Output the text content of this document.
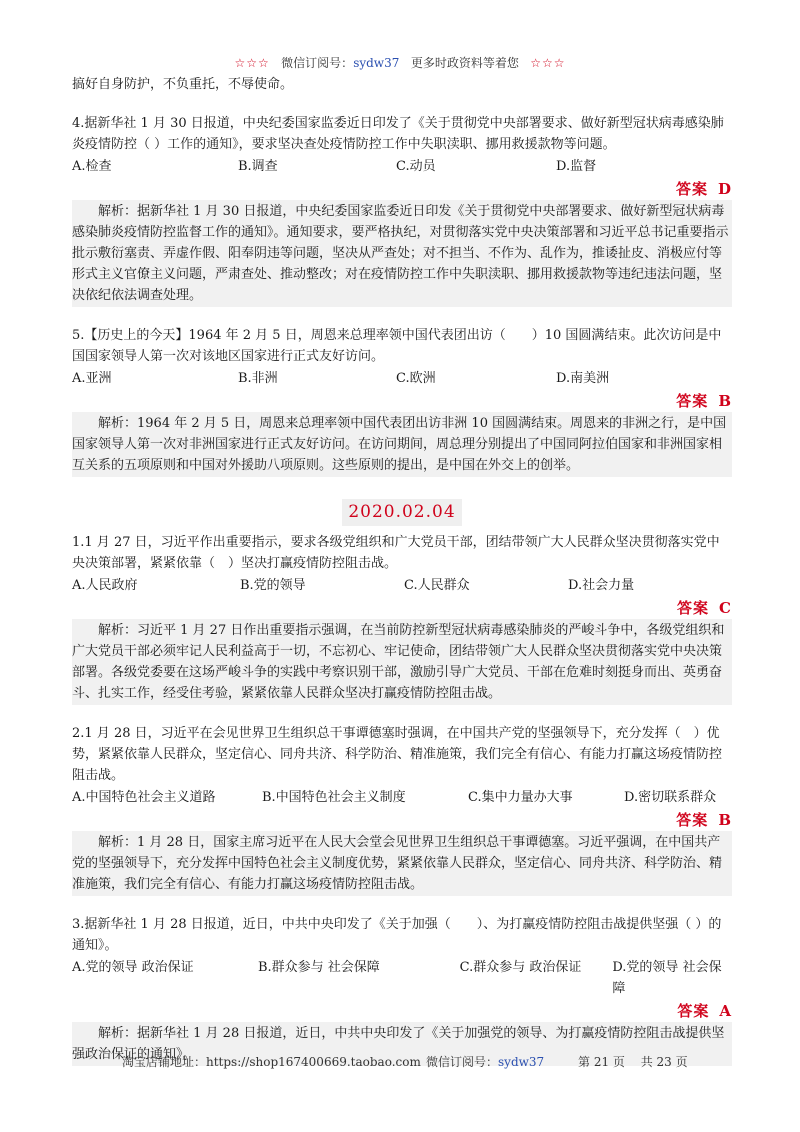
☆☆☆ 微信订阅号：sydw37 更多时政资料等着您 ☆☆☆

搞好自身防护，不负重托，不辱使命。

4.据新华社 1 月 30 日报道，中央纪委国家监委近日印发了《关于贯彻党中央部署要求、做好新型冠状病毒感染肺炎疫情防控（ ）工作的通知》，要求坚决查处疫情防控工作中失职渎职、挪用救援款物等问题。

A.检查	B.调查	C.动员	D.监督
答案 D

解析：据新华社 1 月 30 日报道，中央纪委国家监委近日印发《关于贯彻党中央部署要求、做好新型冠状病毒感染肺炎疫情防控监督工作的通知》。通知要求，要严格执纪，对贯彻落实党中央决策部署和习近平总书记重要指示批示敷衍塞责、弄虚作假、阳奉阴违等问题，坚决从严查处；对不担当、不作为、乱作为，推诿扯皮、消极应付等形式主义官僚主义问题，严肃查处、推动整改；对在疫情防控工作中失职渎职、挪用救援款物等违纪违法问题，坚决依纪依法调查处理。

5.【历史上的今天】1964 年 2 月 5 日，周恩来总理率领中国代表团出访（　　）10 国圆满结束。此次访问是中国国家领导人第一次对该地区国家进行正式友好访问。

A.亚洲	B.非洲	C.欧洲	D.南美洲
答案 B

解析：1964 年 2 月 5 日，周恩来总理率领中国代表团出访非洲 10 国圆满结束。周恩来的非洲之行，是中国国家领导人第一次对非洲国家进行正式友好访问。在访问期间，周总理分别提出了中国同阿拉伯国家和非洲国家相互关系的五项原则和中国对外援助八项原则。这些原则的提出，是中国在外交上的创举。

2020.02.04

1.1 月 27 日，习近平作出重要指示，要求各级党组织和广大党员干部，团结带领广大人民群众坚决贯彻落实党中央决策部署，紧紧依靠（　）坚决打赢疫情防控阻击战。

A.人民政府	B.党的领导	C.人民群众	D.社会力量
答案 C

解析：习近平 1 月 27 日作出重要指示强调，在当前防控新型冠状病毒感染肺炎的严峻斗争中，各级党组织和广大党员干部必须牢记人民利益高于一切，不忘初心、牢记使命，团结带领广大人民群众坚决贯彻落实党中央决策部署。各级党委要在这场严峻斗争的实践中考察识别干部，激励引导广大党员、干部在危难时刻挺身而出、英勇奋斗、扎实工作，经受住考验，紧紧依靠人民群众坚决打赢疫情防控阻击战。

2.1 月 28 日，习近平在会见世界卫生组织总干事谭德塞时强调，在中国共产党的坚强领导下，充分发挥（　）优势，紧紧依靠人民群众，坚定信心、同舟共济、科学防治、精准施策，我们完全有信心、有能力打赢这场疫情防控阻击战。

A.中国特色社会主义道路	B.中国特色社会主义制度	C.集中力量办大事	D.密切联系群众
答案 B

解析：1 月 28 日，国家主席习近平在人民大会堂会见世界卫生组织总干事谭德塞。习近平强调，在中国共产党的坚强领导下，充分发挥中国特色社会主义制度优势，紧紧依靠人民群众，坚定信心、同舟共济、科学防治、精准施策，我们完全有信心、有能力打赢这场疫情防控阻击战。

3.据新华社 1 月 28 日报道，近日，中共中央印发了《关于加强（　　）、为打赢疫情防控阻击战提供坚强（ ）的通知》。

A.党的领导 政治保证	B.群众参与 社会保障	C.群众参与 政治保证	D.党的领导 社会保障
答案 A

解析：据新华社 1 月 28 日报道，近日，中共中央印发了《关于加强党的领导、为打赢疫情防控阻击战提供坚强政治保证的通知》。

淘宝店铺地址：https://shop167400669.taobao.com 微信订阅号：sydw37	第 21 页　 共 23 页
